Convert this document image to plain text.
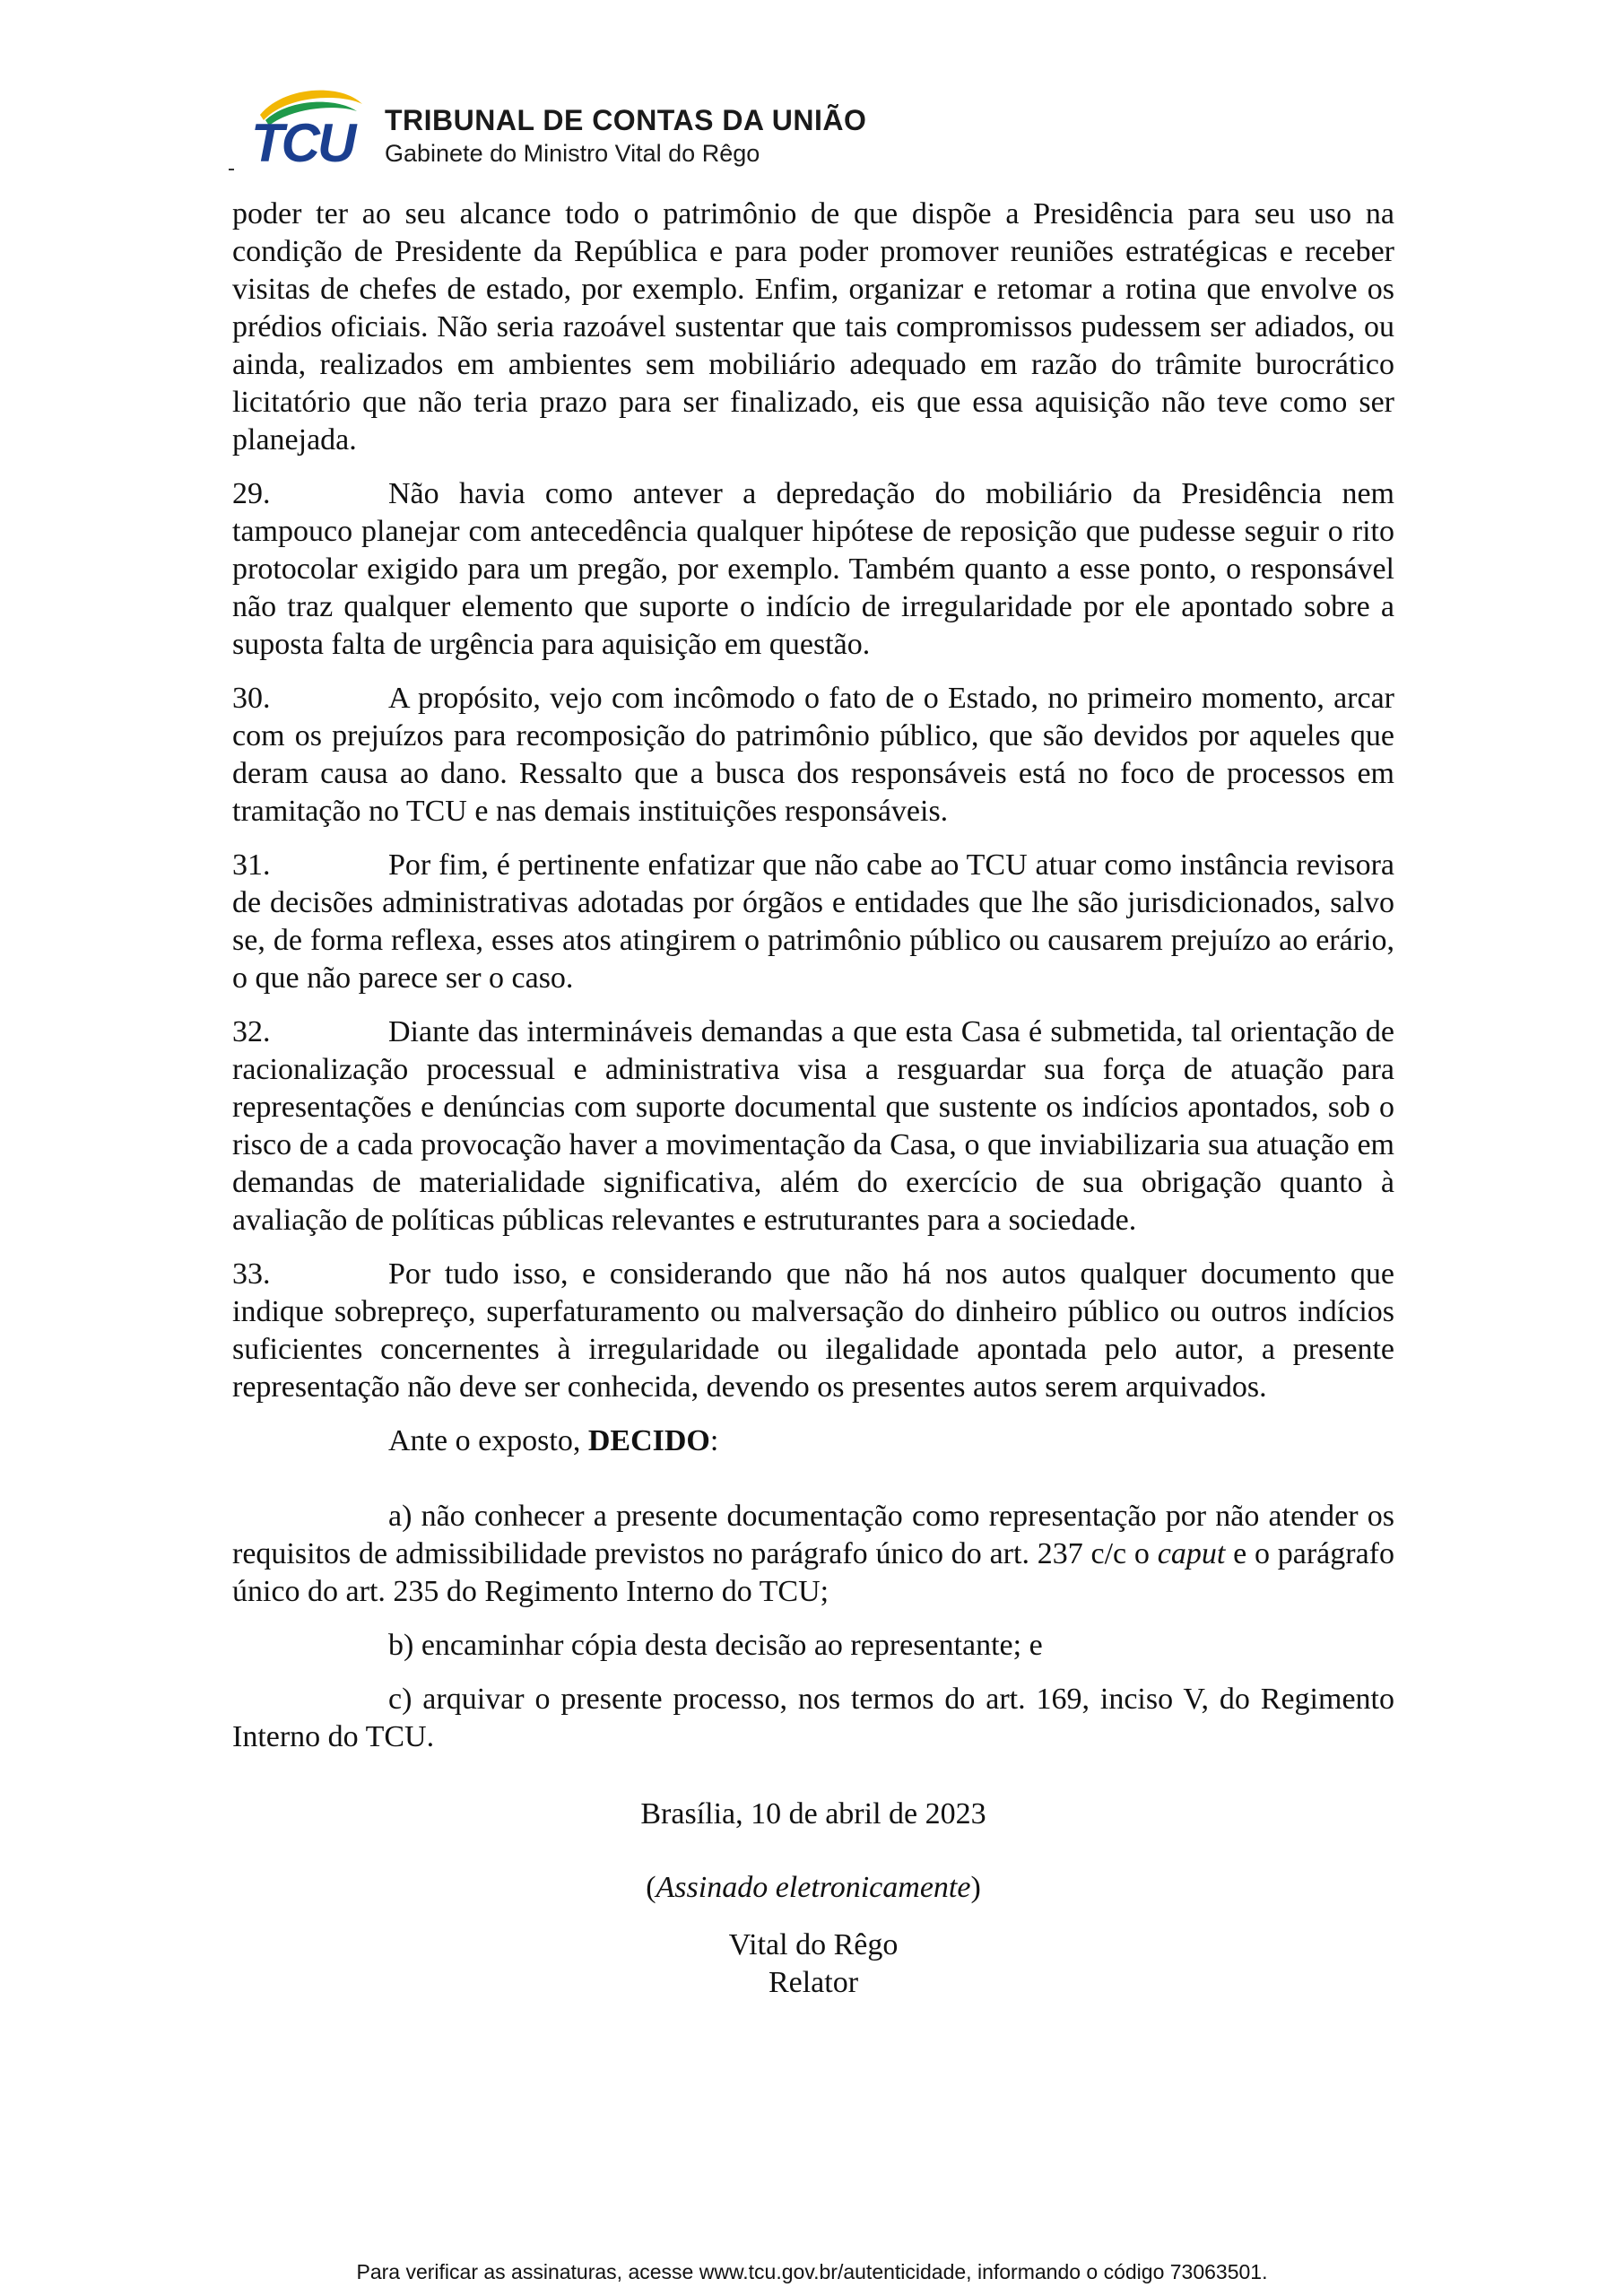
TCU TRIBUNAL DE CONTAS DA UNIÃO
Gabinete do Ministro Vital do Rêgo

poder ter ao seu alcance todo o patrimônio de que dispõe a Presidência para seu uso na condição de Presidente da República e para poder promover reuniões estratégicas e receber visitas de chefes de estado, por exemplo. Enfim, organizar e retomar a rotina que envolve os prédios oficiais. Não seria razoável sustentar que tais compromissos pudessem ser adiados, ou ainda, realizados em ambientes sem mobiliário adequado em razão do trâmite burocrático licitatório que não teria prazo para ser finalizado, eis que essa aquisição não teve como ser planejada.

29.	Não havia como antever a depredação do mobiliário da Presidência nem tampouco planejar com antecedência qualquer hipótese de reposição que pudesse seguir o rito protocolar exigido para um pregão, por exemplo. Também quanto a esse ponto, o responsável não traz qualquer elemento que suporte o indício de irregularidade por ele apontado sobre a suposta falta de urgência para aquisição em questão.

30.	A propósito, vejo com incômodo o fato de o Estado, no primeiro momento, arcar com os prejuízos para recomposição do patrimônio público, que são devidos por aqueles que deram causa ao dano. Ressalto que a busca dos responsáveis está no foco de processos em tramitação no TCU e nas demais instituições responsáveis.

31.	Por fim, é pertinente enfatizar que não cabe ao TCU atuar como instância revisora de decisões administrativas adotadas por órgãos e entidades que lhe são jurisdicionados, salvo se, de forma reflexa, esses atos atingirem o patrimônio público ou causarem prejuízo ao erário, o que não parece ser o caso.

32.	Diante das intermináveis demandas a que esta Casa é submetida, tal orientação de racionalização processual e administrativa visa a resguardar sua força de atuação para representações e denúncias com suporte documental que sustente os indícios apontados, sob o risco de a cada provocação haver a movimentação da Casa, o que inviabilizaria sua atuação em demandas de materialidade significativa, além do exercício de sua obrigação quanto à avaliação de políticas públicas relevantes e estruturantes para a sociedade.

33.	Por tudo isso, e considerando que não há nos autos qualquer documento que indique sobrepreço, superfaturamento ou malversação do dinheiro público ou outros indícios suficientes concernentes à irregularidade ou ilegalidade apontada pelo autor, a presente representação não deve ser conhecida, devendo os presentes autos serem arquivados.

Ante o exposto, DECIDO:

a) não conhecer a presente documentação como representação por não atender os requisitos de admissibilidade previstos no parágrafo único do art. 237 c/c o caput e o parágrafo único do art. 235 do Regimento Interno do TCU;

b) encaminhar cópia desta decisão ao representante; e

c) arquivar o presente processo, nos termos do art. 169, inciso V, do Regimento Interno do TCU.

Brasília, 10 de abril de 2023

(Assinado eletronicamente)

Vital do Rêgo

Relator

Para verificar as assinaturas, acesse www.tcu.gov.br/autenticidade, informando o código 73063501.
